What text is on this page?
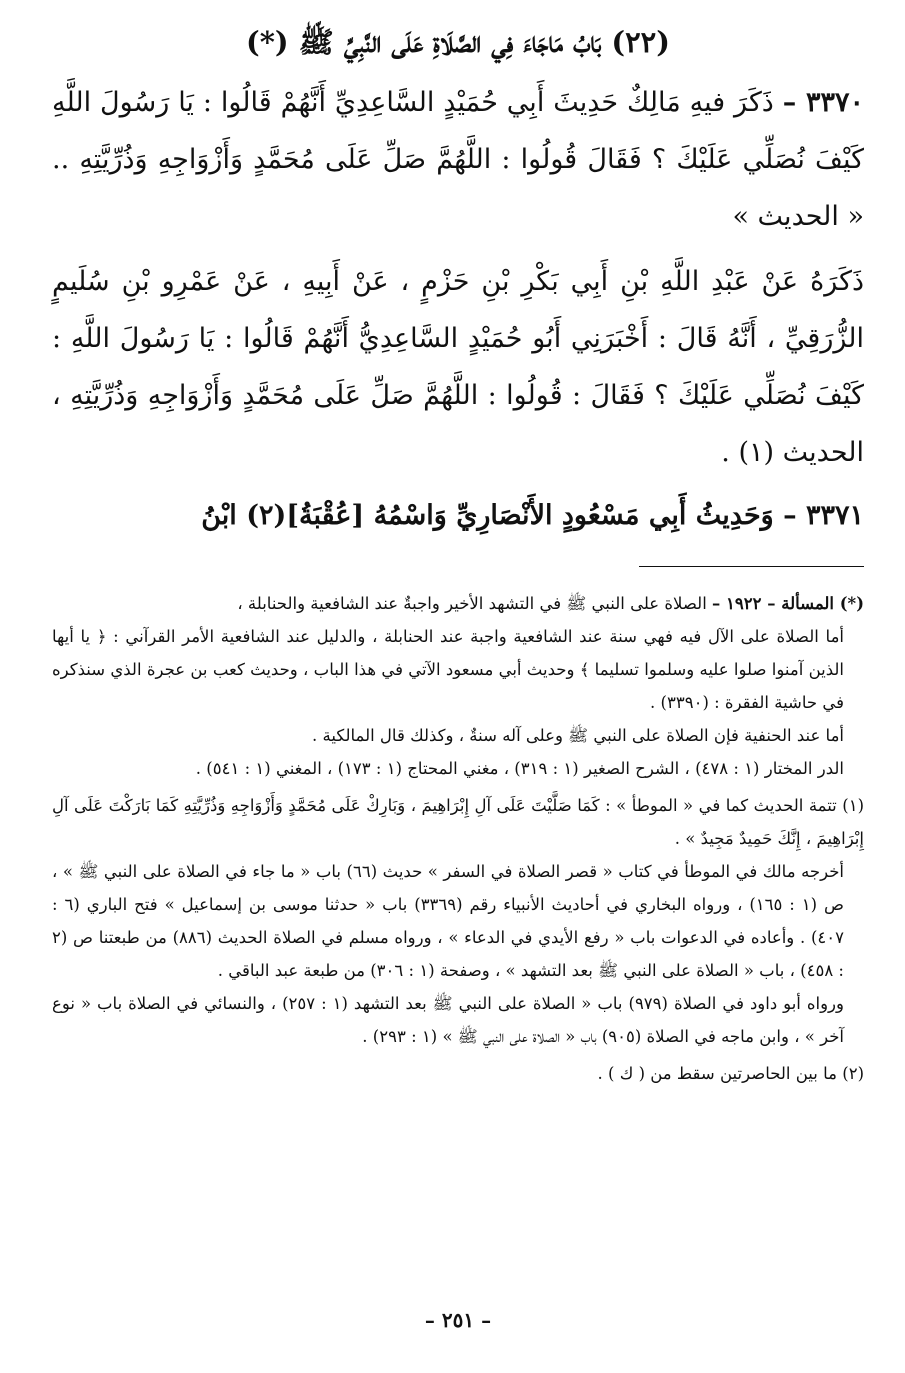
(٢٢) بَابُ مَاجَاءَ فِي الصَّلَاةِ عَلَى النَّبِيِّ ﷺ (*)

٣٣٧٠ – ذَكَرَ فيهِ مَالِكٌ حَدِيثَ أَبِي حُمَيْدٍ السَّاعِدِيِّ أَنَّهُمْ قَالُوا : يَا رَسُولَ اللَّهِ كَيْفَ نُصَلِّي عَلَيْكَ ؟ فَقَالَ قُولُوا : اللَّهُمَّ صَلِّ عَلَى مُحَمَّدٍ وَأَزْوَاجِهِ وَذُرِّيَّتِهِ .. « الحديث »

ذَكَرَهُ عَنْ عَبْدِ اللَّهِ بْنِ أَبِي بَكْرِ بْنِ حَزْمٍ ، عَنْ أَبِيهِ ، عَنْ عَمْرِو بْنِ سُلَيمٍ الزُّرَقِيِّ ، أَنَّهُ قَالَ : أَخْبَرَنِي أَبُو حُمَيْدٍ السَّاعِدِيُّ أَنَّهُمْ قَالُوا : يَا رَسُولَ اللَّهِ : كَيْفَ نُصَلِّي عَلَيْكَ ؟ فَقَالَ : قُولُوا : اللَّهُمَّ صَلِّ عَلَى مُحَمَّدٍ وَأَزْوَاجِهِ وَذُرِّيَّتِهِ ، الحديث (١) .

٣٣٧١ – وَحَدِيثُ أَبِي مَسْعُودٍ الأَنْصَارِيِّ وَاسْمُهُ [عُقْبَةُ](٢) ابْنُ

(*) المسألة – ١٩٢٢ – الصلاة على النبي ﷺ في التشهد الأخير واجبةٌ عند الشافعية والحنابلة ،

أما الصلاة على الآل فيه فهي سنة عند الشافعية واجبة عند الحنابلة ، والدليل عند الشافعية الأمر القرآني : ﴿ يا أيها الذين آمنوا صلوا عليه وسلموا تسليما ﴾ وحديث أبي مسعود الآتي في هذا الباب ، وحديث كعب بن عجرة الذي سنذكره في حاشية الفقرة : (٣٣٩٠) .

أما عند الحنفية فإن الصلاة على النبي ﷺ وعلى آله سنةٌ ، وكذلك قال المالكية .

الدر المختار (١ : ٤٧٨) ، الشرح الصغير (١ : ٣١٩) ، مغني المحتاج (١ : ١٧٣) ، المغني (١ : ٥٤١) .

(١) تتمة الحديث كما في « الموطأ » : كَمَا صَلَّيْتَ عَلَى آلِ إِبْرَاهِيمَ ، وَبَارِكْ عَلَى مُحَمَّدٍ وَأَزْوَاجِهِ وَذُرِّيَّتِهِ كَمَا بَارَكْتَ عَلَى آلِ إِبْرَاهِيمَ ، إِنَّكَ حَمِيدٌ مَجِيدٌ » .

أخرجه مالك في الموطأ في كتاب « قصر الصلاة في السفر » حديث (٦٦) باب « ما جاء في الصلاة على النبي ﷺ » ، ص (١ : ١٦٥) ، ورواه البخاري في أحاديث الأنبياء رقم (٣٣٦٩) باب « حدثنا موسى بن إسماعيل » فتح الباري (٦ : ٤٠٧) . وأعاده في الدعوات باب « رفع الأيدي في الدعاء » ، ورواه مسلم في الصلاة الحديث (٨٨٦) من طبعتنا ص (٢ : ٤٥٨) ، باب « الصلاة على النبي ﷺ بعد التشهد » ، وصفحة (١ : ٣٠٦) من طبعة عبد الباقي .

ورواه أبو داود في الصلاة (٩٧٩) باب « الصلاة على النبي ﷺ بعد التشهد (١ : ٢٥٧) ، والنسائي في الصلاة باب « نوع آخر » ، وابن ماجه في الصلاة (٩٠٥) باب « الصلاة على النبي ﷺ » (١ : ٢٩٣) .

(٢) ما بين الحاصرتين سقط من ( ك ) .

– ٢٥١ –
